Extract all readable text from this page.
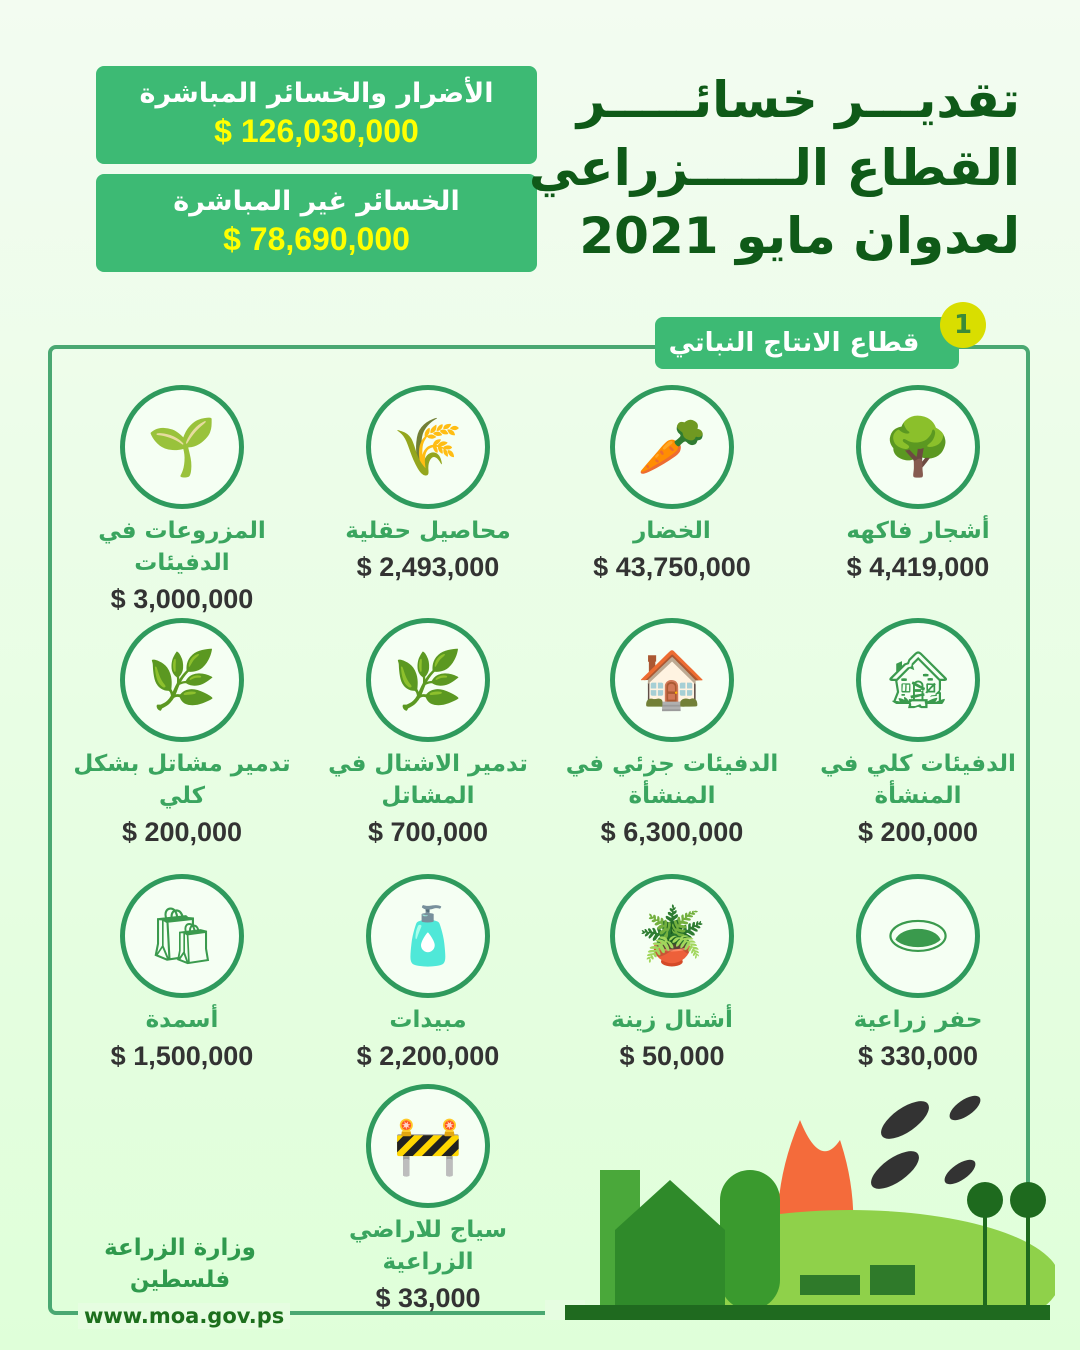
تقديـــر خسائـــــر
القطاع الــــــزراعي
لعدوان مايو 2021
الأضرار والخسائر المباشرة
$ 126,030,000
الخسائر غير المباشرة
$ 78,690,000
قطاع الانتاج النباتي
1
🌳
أشجار فاكهه
$ 4,419,000
🥕
الخضار
$ 43,750,000
🌾
محاصيل حقلية
$ 2,493,000
🌱
المزروعات في الدفيئات
$ 3,000,000
🏚
الدفيئات كلي في المنشأة
$ 200,000
🏠
الدفيئات جزئي في المنشأة
$ 6,300,000
🌿
تدمير الاشتال في المشاتل
$ 700,000
🌿
تدمير مشاتل بشكل كلي
$ 200,000
🕳
حفر زراعية
$ 330,000
🪴
أشتال زينة
$ 50,000
🧴
مبيدات
$ 2,200,000
🛍
أسمدة
$ 1,500,000
🚧
سياج للاراضي الزراعية
$ 33,000
وزارة الزراعة فلسطين
www.moa.gov.ps
